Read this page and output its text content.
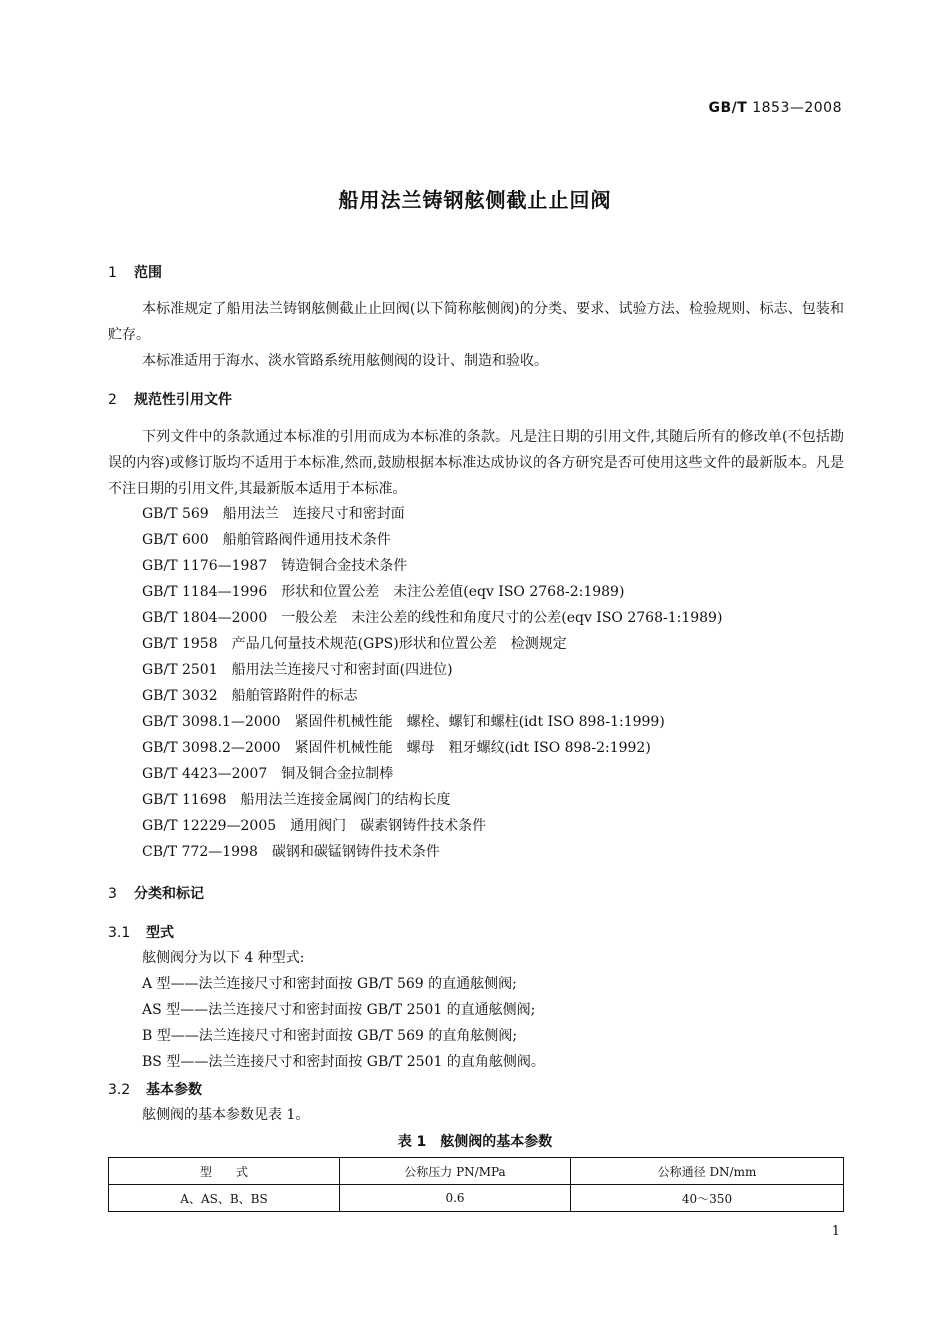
GB/T 1853—2008
船用法兰铸钢舷侧截止止回阀
1 范围
本标准规定了船用法兰铸钢舷侧截止止回阀(以下简称舷侧阀)的分类、要求、试验方法、检验规则、标志、包装和贮存。
本标准适用于海水、淡水管路系统用舷侧阀的设计、制造和验收。
2 规范性引用文件
下列文件中的条款通过本标准的引用而成为本标准的条款。凡是注日期的引用文件,其随后所有的修改单(不包括勘误的内容)或修订版均不适用于本标准,然而,鼓励根据本标准达成协议的各方研究是否可使用这些文件的最新版本。凡是不注日期的引用文件,其最新版本适用于本标准。
GB/T 569　 船用法兰　连接尺寸和密封面
GB/T 600　 船舶管路阀件通用技术条件
GB/T 1176—1987　 铸造铜合金技术条件
GB/T 1184—1996　 形状和位置公差　未注公差值(eqv ISO 2768-2:1989)
GB/T 1804—2000　 一般公差　未注公差的线性和角度尺寸的公差(eqv ISO 2768-1:1989)
GB/T 1958　 产品几何量技术规范(GPS)形状和位置公差　检测规定
GB/T 2501　 船用法兰连接尺寸和密封面(四进位)
GB/T 3032　 船舶管路附件的标志
GB/T 3098.1—2000　 紧固件机械性能　螺栓、螺钉和螺柱(idt ISO 898-1:1999)
GB/T 3098.2—2000　 紧固件机械性能　螺母　粗牙螺纹(idt ISO 898-2:1992)
GB/T 4423—2007　 铜及铜合金拉制棒
GB/T 11698　 船用法兰连接金属阀门的结构长度
GB/T 12229—2005　 通用阀门　碳素钢铸件技术条件
CB/T 772—1998　 碳钢和碳锰钢铸件技术条件
3 分类和标记
3.1 型式
舷侧阀分为以下 4 种型式:
A 型——法兰连接尺寸和密封面按 GB/T 569 的直通舷侧阀;
AS 型——法兰连接尺寸和密封面按 GB/T 2501 的直通舷侧阀;
B 型——法兰连接尺寸和密封面按 GB/T 569 的直角舷侧阀;
BS 型——法兰连接尺寸和密封面按 GB/T 2501 的直角舷侧阀。
3.2 基本参数
舷侧阀的基本参数见表 1。
表 1　舷侧阀的基本参数
型　　式	公称压力 PN/MPa	公称通径 DN/mm
A、AS、B、BS	0.6	40～350
1
